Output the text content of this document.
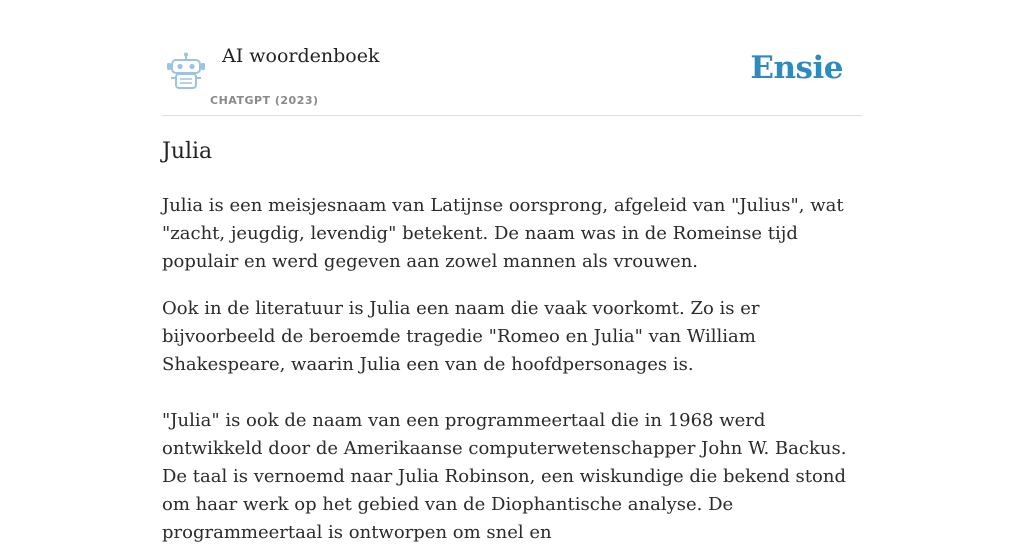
AI woordenboek
CHATGPT (2023)
Ensie
Julia

Julia is een meisjesnaam van Latijnse oorsprong, afgeleid van "Julius", wat "zacht, jeugdig, levendig" betekent. De naam was in de Romeinse tijd populair en werd gegeven aan zowel mannen als vrouwen.

Ook in de literatuur is Julia een naam die vaak voorkomt. Zo is er bijvoorbeeld de beroemde tragedie "Romeo en Julia" van William Shakespeare, waarin Julia een van de hoofdpersonages is.

"Julia" is ook de naam van een programmeertaal die in 1968 werd ontwikkeld door de Amerikaanse computerwetenschapper John W. Backus. De taal is vernoemd naar Julia Robinson, een wiskundige die bekend stond om haar werk op het gebied van de Diophantische analyse. De programmeertaal is ontworpen om snel en
